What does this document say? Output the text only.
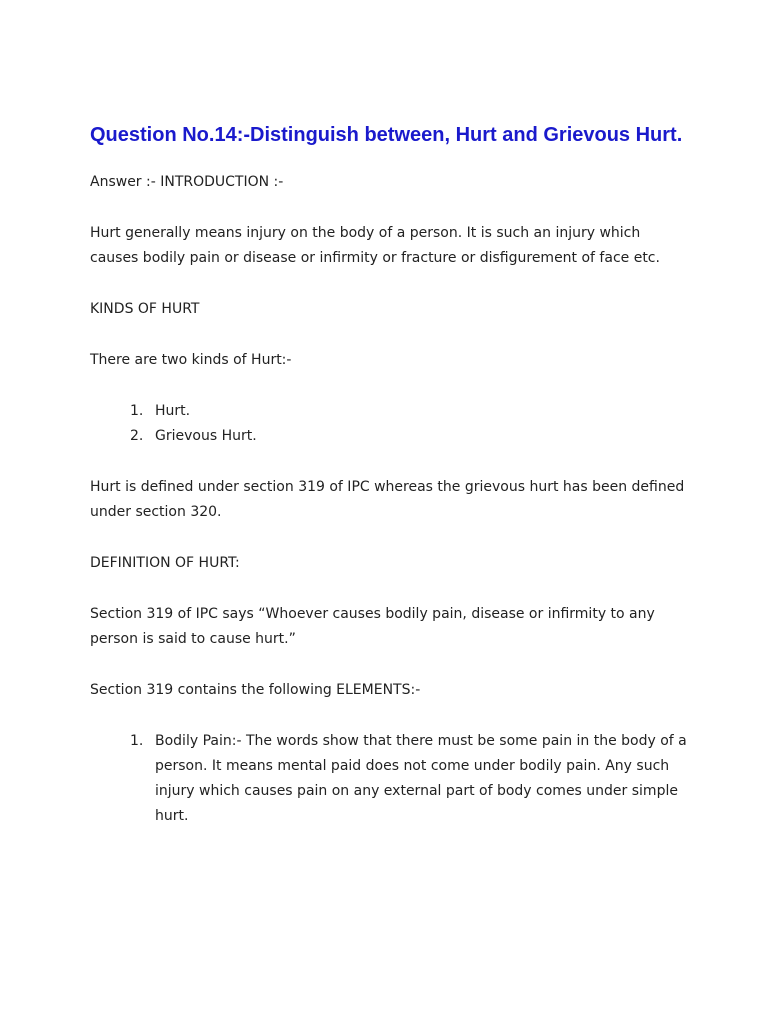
Question No.14:-Distinguish between, Hurt and Grievous Hurt.
Answer :- INTRODUCTION :-
Hurt generally means injury on the body of a person. It is such an injury which causes bodily pain or disease or infirmity or fracture or disfigurement of face etc.
KINDS OF HURT
There are two kinds of Hurt:-
1. Hurt.
2. Grievous Hurt.
Hurt is defined under section 319 of IPC whereas the grievous hurt has been defined under section 320.
DEFINITION OF HURT:
Section 319 of IPC says “Whoever causes bodily pain, disease or infirmity to any person is said to cause hurt.”
Section 319 contains the following ELEMENTS:-
1. Bodily Pain:- The words show that there must be some pain in the body of a person. It means mental paid does not come under bodily pain. Any such injury which causes pain on any external part of body comes under simple hurt.
